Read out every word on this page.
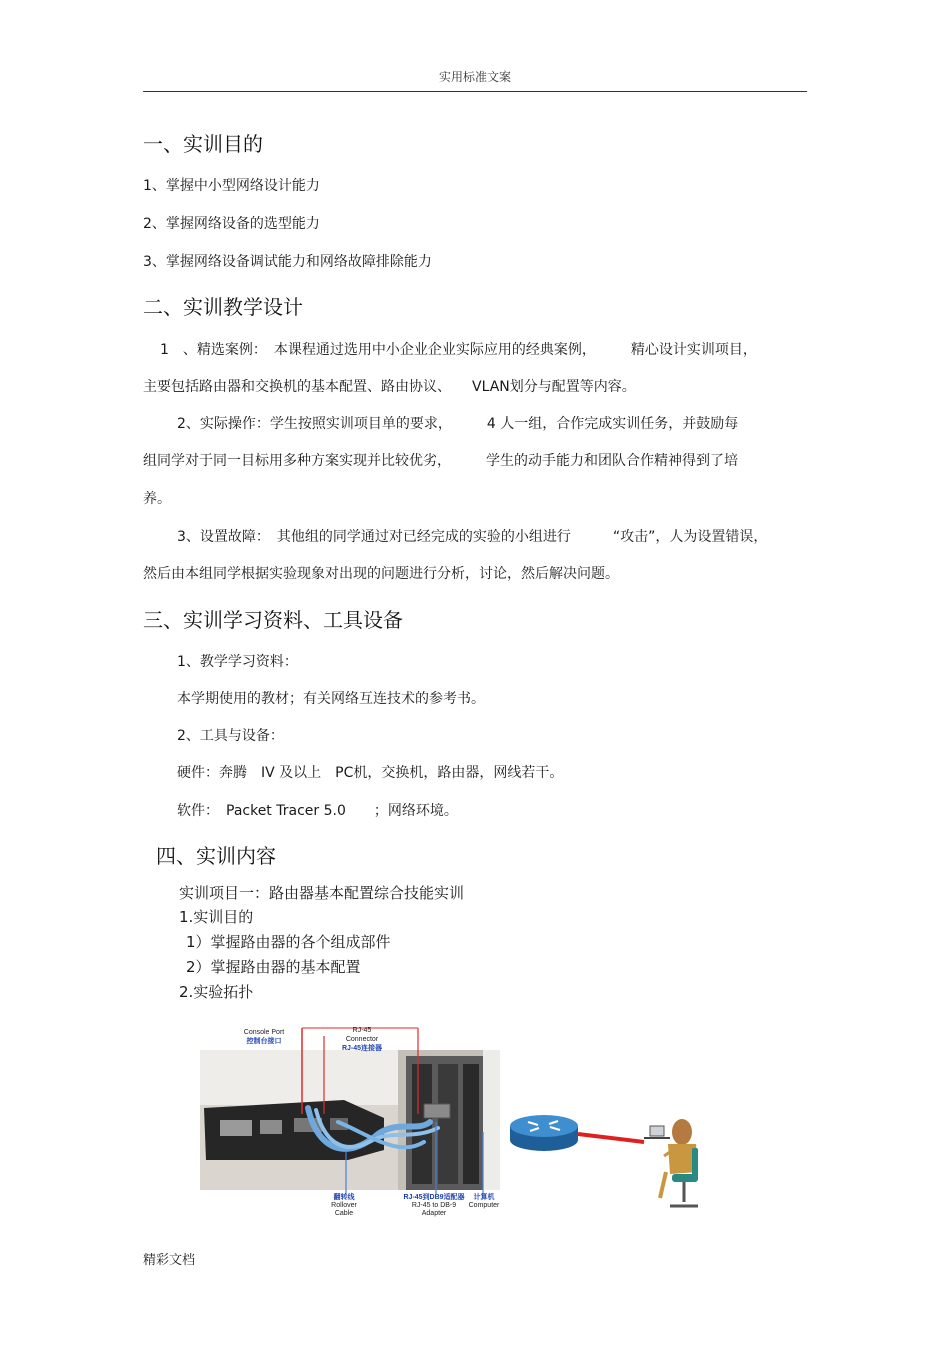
实用标准文案
一、实训目的
1、掌握中小型网络设计能力
2、掌握网络设备的选型能力
3、掌握网络设备调试能力和网络故障排除能力
二、实训教学设计
1　、精选案例：　本课程通过选用中小企业企业实际应用的经典案例，　　　精心设计实训项目，
主要包括路由器和交换机的基本配置、路由协议、　　VLAN划分与配置等内容。
2、实际操作：学生按照实训项目单的要求，　　　4 人一组，合作完成实训任务，并鼓励每
组同学对于同一目标用多种方案实现并比较优劣，　　　学生的动手能力和团队合作精神得到了培
养。
3、设置故障：　其他组的同学通过对已经完成的实验的小组进行　　　“攻击”，人为设置错误，
然后由本组同学根据实验现象对出现的问题进行分析，讨论，然后解决问题。
三、实训学习资料、工具设备
1、教学学习资料：
本学期使用的教材；有关网络互连技术的参考书。
2、工具与设备：
硬件：奔腾　IV 及以上　PC机，交换机，路由器，网线若干。
软件：　Packet Tracer 5.0　　；网络环境。
四、实训内容
实训项目一：路由器基本配置综合技能实训
1.实训目的
1）掌握路由器的各个组成部件
2）掌握路由器的基本配置
2.实验拓扑
Console Port
控制台接口
RJ-45
Connector
RJ-45连接器
翻转线
Rollover
Cable
RJ-45到DB9适配器
RJ-45 to DB-9
Adapter
计算机
Computer
精彩文档
